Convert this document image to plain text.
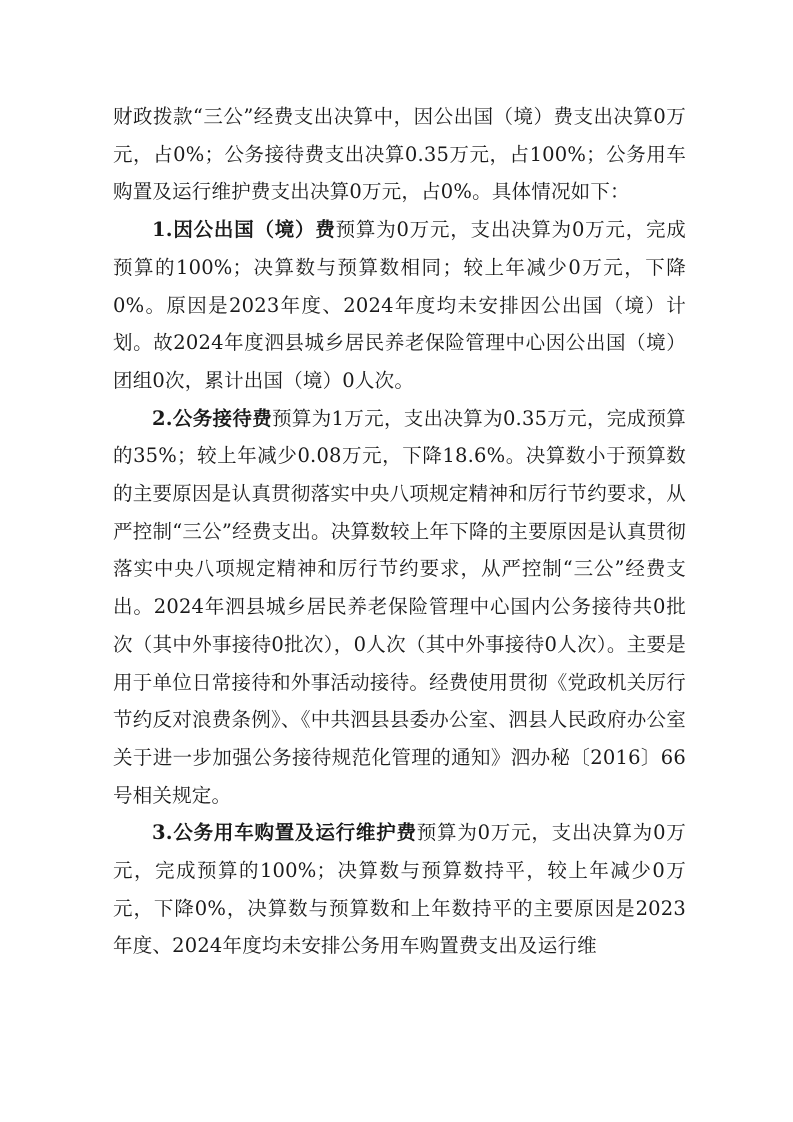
财政拨款“三公”经费支出决算中，因公出国（境）费支出决算0万元，占0%；公务接待费支出决算0.35万元，占100%；公务用车购置及运行维护费支出决算0万元，占0%。具体情况如下：

1.因公出国（境）费预算为0万元，支出决算为0万元，完成预算的100%；决算数与预算数相同；较上年减少0万元，下降0%。原因是2023年度、2024年度均未安排因公出国（境）计划。故2024年度泗县城乡居民养老保险管理中心因公出国（境）团组0次，累计出国（境）0人次。

2.公务接待费预算为1万元，支出决算为0.35万元，完成预算的35%；较上年减少0.08万元，下降18.6%。决算数小于预算数的主要原因是认真贯彻落实中央八项规定精神和厉行节约要求，从严控制“三公”经费支出。决算数较上年下降的主要原因是认真贯彻落实中央八项规定精神和厉行节约要求，从严控制“三公”经费支出。2024年泗县城乡居民养老保险管理中心国内公务接待共0批次（其中外事接待0批次），0人次（其中外事接待0人次）。主要是用于单位日常接待和外事活动接待。经费使用贯彻《党政机关厉行节约反对浪费条例》、《中共泗县县委办公室、泗县人民政府办公室关于进一步加强公务接待规范化管理的通知》泗办秘〔2016〕66号相关规定。

3.公务用车购置及运行维护费预算为0万元，支出决算为0万元，完成预算的100%；决算数与预算数持平，较上年减少0万元，下降0%，决算数与预算数和上年数持平的主要原因是2023年度、2024年度均未安排公务用车购置费支出及运行维
